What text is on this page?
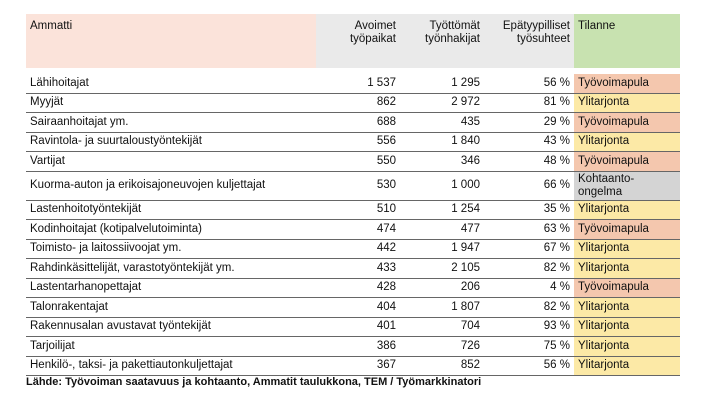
Ammatti	Avoimet työpaikat	Työttömät työnhakijat	Epätyypilliset työsuhteet	Tilanne
Lähihoitajat	1 537	1 295	56 %	Työvoimapula
Myyjät	862	2 972	81 %	Ylitarjonta
Sairaanhoitajat ym.	688	435	29 %	Työvoimapula
Ravintola- ja suurtaloustyöntekijät	556	1 840	43 %	Ylitarjonta
Vartijat	550	346	48 %	Työvoimapula
Kuorma-auton ja erikoisajoneuvojen kuljettajat	530	1 000	66 %	Kohtaanto-ongelma
Lastenhoitotyöntekijät	510	1 254	35 %	Ylitarjonta
Kodinhoitajat (kotipalvelutoiminta)	474	477	63 %	Työvoimapula
Toimisto- ja laitossiivoojat ym.	442	1 947	67 %	Ylitarjonta
Rahdinkäsittelijät, varastotyöntekijät ym.	433	2 105	82 %	Ylitarjonta
Lastentarhanopettajat	428	206	4 %	Työvoimapula
Talonrakentajat	404	1 807	82 %	Ylitarjonta
Rakennusalan avustavat työntekijät	401	704	93 %	Ylitarjonta
Tarjoilijat	386	726	75 %	Ylitarjonta
Henkilö-, taksi- ja pakettiautonkuljettajat	367	852	56 %	Ylitarjonta
Lähde: Työvoiman saatavuus ja kohtaanto, Ammatit taulukkona, TEM / Työmarkkinatori
